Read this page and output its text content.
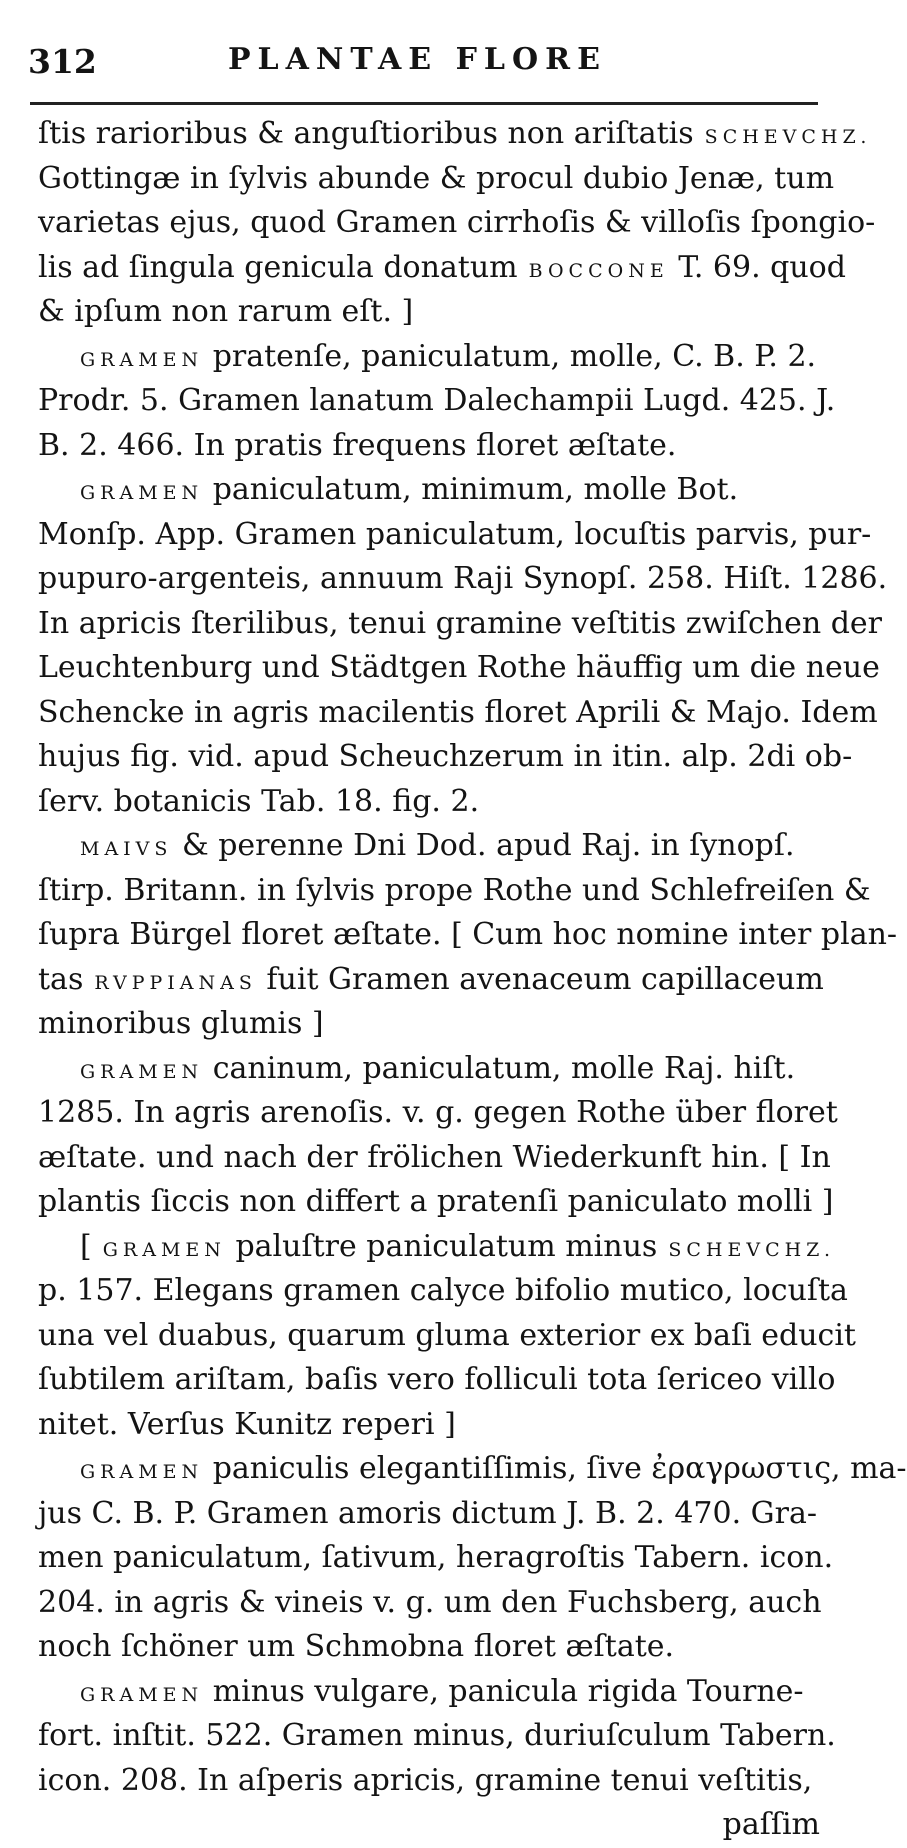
312	PLANTAE FLORE
ſtis rarioribus & anguſtioribus non ariſtatis SCHEVCHZ.
Gottingæ in ſylvis abunde & procul dubio Jenæ, tum
varietas ejus, quod Gramen cirrhoſis & villoſis ſpongio-
lis ad ſingula genicula donatum BOCCONE T. 69. quod
& ipſum non rarum eſt. ]
GRAMEN pratenſe, paniculatum, molle, C. B. P. 2.
Prodr. 5. Gramen lanatum Dalechampii Lugd. 425. J.
B. 2. 466. In pratis frequens floret æſtate.
GRAMEN paniculatum, minimum, molle Bot.
Monſp. App. Gramen paniculatum, locuſtis parvis, pur-
pupuro-argenteis, annuum Raji Synopſ. 258. Hiſt. 1286.
In apricis ſterilibus, tenui gramine veſtitis zwiſchen der
Leuchtenburg und Städtgen Rothe häuffig um die neue
Schencke in agris macilentis floret Aprili & Majo. Idem
hujus fig. vid. apud Scheuchzerum in itin. alp. 2di ob-
ſerv. botanicis Tab. 18. fig. 2.
MAIVS & perenne Dni Dod. apud Raj. in ſynopſ.
ſtirp. Britann. in ſylvis prope Rothe und Schlefreiſen &
ſupra Bürgel floret æſtate. [ Cum hoc nomine inter plan-
tas RVPPIANAS fuit Gramen avenaceum capillaceum
minoribus glumis ]
GRAMEN caninum, paniculatum, molle Raj. hiſt.
1285. In agris arenoſis. v. g. gegen Rothe über floret
æſtate. und nach der frölichen Wiederkunft hin. [ In
plantis ſiccis non differt a pratenſi paniculato molli ]
[ GRAMEN paluſtre paniculatum minus SCHEVCHZ.
p. 157. Elegans gramen calyce bifolio mutico, locuſta
una vel duabus, quarum gluma exterior ex baſi educit
ſubtilem ariſtam, baſis vero folliculi tota ſericeo villo
nitet. Verſus Kunitz reperi ]
GRAMEN paniculis elegantiſſimis, ſive ἐραγρωστις, ma-
jus C. B. P. Gramen amoris dictum J. B. 2. 470. Gra-
men paniculatum, ſativum, heragroſtis Tabern. icon.
204. in agris & vineis v. g. um den Fuchsberg, auch
noch ſchöner um Schmobna floret æſtate.
GRAMEN minus vulgare, panicula rigida Tourne-
fort. inſtit. 522. Gramen minus, duriuſculum Tabern.
icon. 208. In aſperis apricis, gramine tenui veſtitis,
paſſim
